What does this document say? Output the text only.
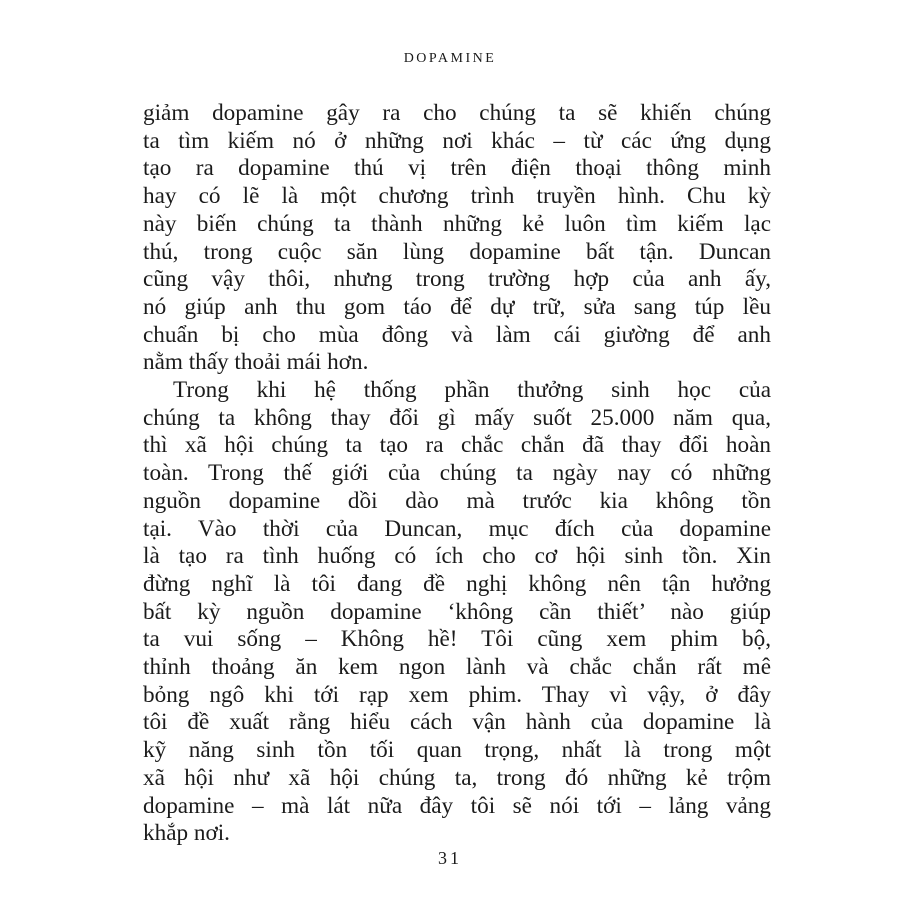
DOPAMINE
giảm dopamine gây ra cho chúng ta sẽ khiến chúng
ta tìm kiếm nó ở những nơi khác – từ các ứng dụng
tạo ra dopamine thú vị trên điện thoại thông minh
hay có lẽ là một chương trình truyền hình. Chu kỳ
này biến chúng ta thành những kẻ luôn tìm kiếm lạc
thú, trong cuộc săn lùng dopamine bất tận. Duncan
cũng vậy thôi, nhưng trong trường hợp của anh ấy,
nó giúp anh thu gom táo để dự trữ, sửa sang túp lều
chuẩn bị cho mùa đông và làm cái giường để anh
nằm thấy thoải mái hơn.
Trong khi hệ thống phần thưởng sinh học của
chúng ta không thay đổi gì mấy suốt 25.000 năm qua,
thì xã hội chúng ta tạo ra chắc chắn đã thay đổi hoàn
toàn. Trong thế giới của chúng ta ngày nay có những
nguồn dopamine dồi dào mà trước kia không tồn
tại. Vào thời của Duncan, mục đích của dopamine
là tạo ra tình huống có ích cho cơ hội sinh tồn. Xin
đừng nghĩ là tôi đang đề nghị không nên tận hưởng
bất kỳ nguồn dopamine ‘không cần thiết’ nào giúp
ta vui sống – Không hề! Tôi cũng xem phim bộ,
thỉnh thoảng ăn kem ngon lành và chắc chắn rất mê
bỏng ngô khi tới rạp xem phim. Thay vì vậy, ở đây
tôi đề xuất rằng hiểu cách vận hành của dopamine là
kỹ năng sinh tồn tối quan trọng, nhất là trong một
xã hội như xã hội chúng ta, trong đó những kẻ trộm
dopamine – mà lát nữa đây tôi sẽ nói tới – lảng vảng
khắp nơi.
31
